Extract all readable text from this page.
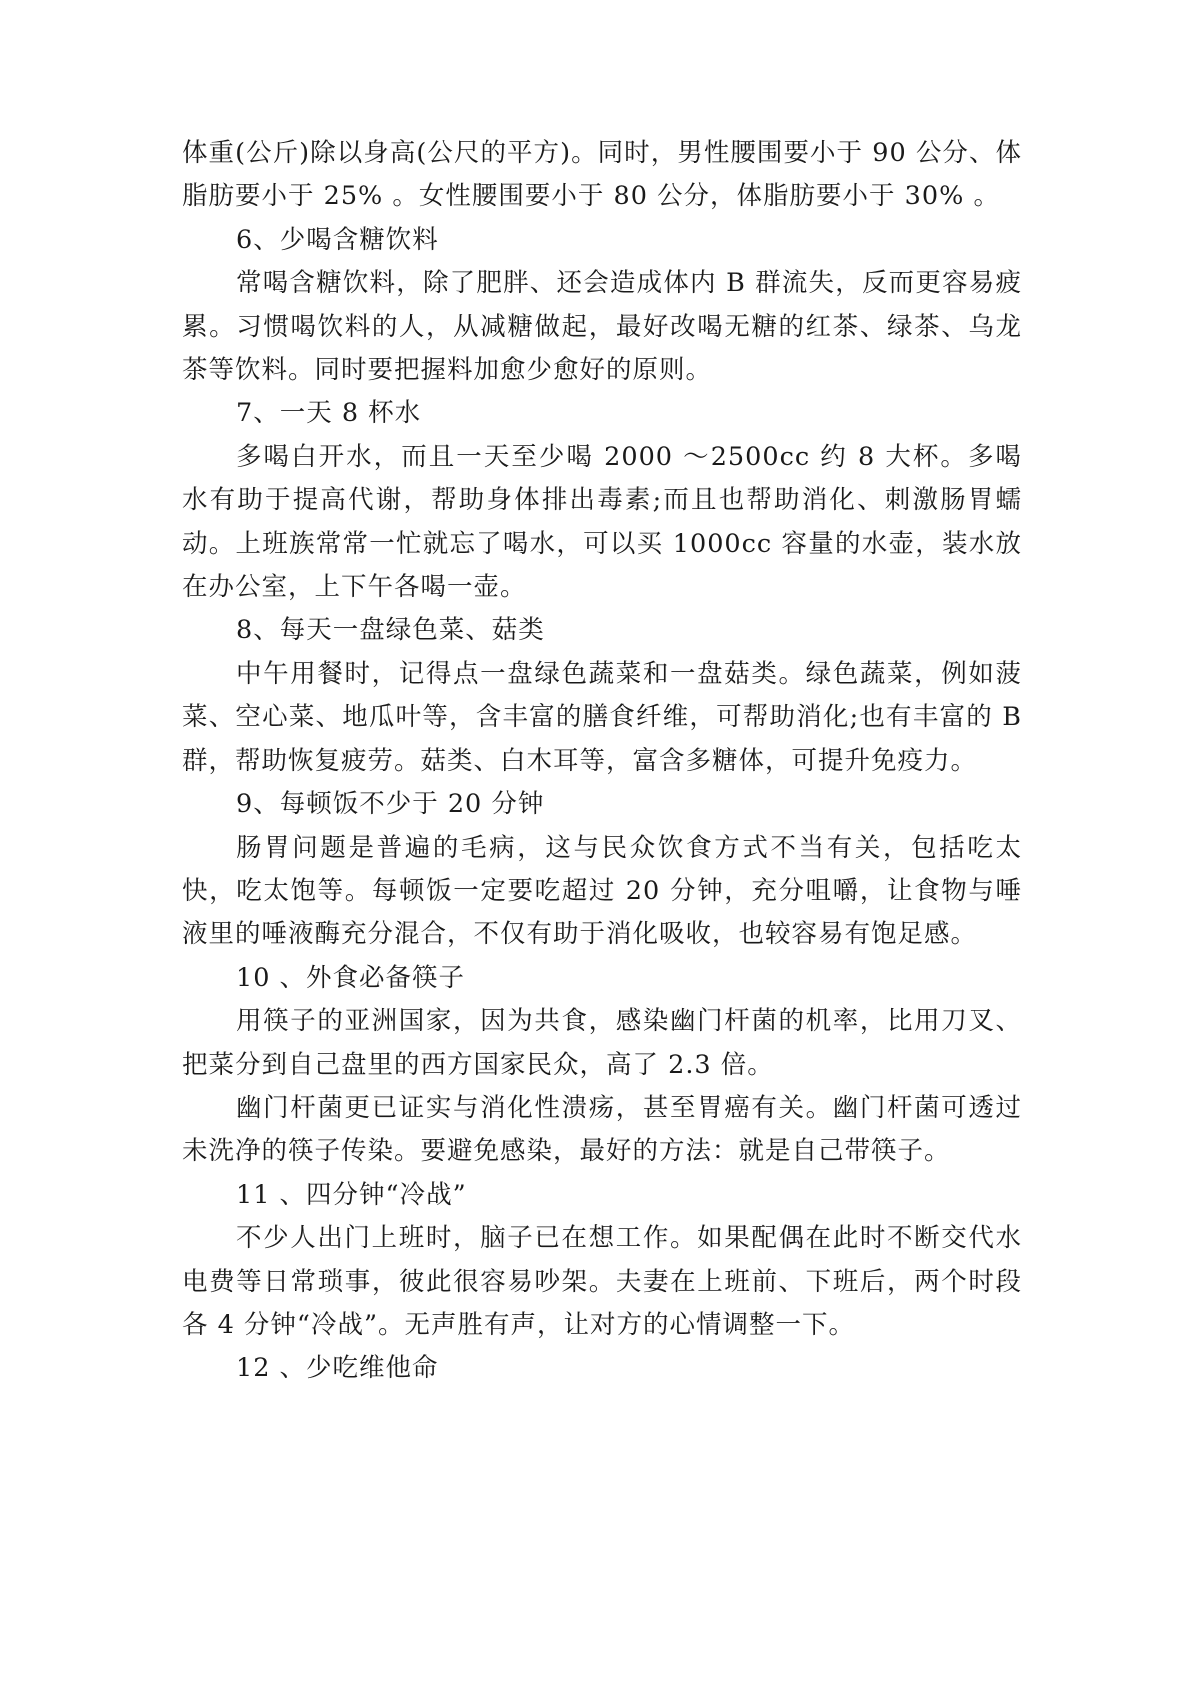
体重(公斤)除以身高(公尺的平方)。同时，男性腰围要小于 90 公分、体脂肪要小于 25% 。女性腰围要小于 80 公分，体脂肪要小于 30% 。

6、少喝含糖饮料

常喝含糖饮料，除了肥胖、还会造成体内 B 群流失，反而更容易疲累。习惯喝饮料的人，从减糖做起，最好改喝无糖的红茶、绿茶、乌龙茶等饮料。同时要把握料加愈少愈好的原则。

7、一天 8 杯水

多喝白开水，而且一天至少喝 2000 ～2500cc 约 8 大杯。多喝水有助于提高代谢，帮助身体排出毒素;而且也帮助消化、刺激肠胃蠕动。上班族常常一忙就忘了喝水，可以买 1000cc 容量的水壶，装水放在办公室，上下午各喝一壶。

8、每天一盘绿色菜、菇类

中午用餐时，记得点一盘绿色蔬菜和一盘菇类。绿色蔬菜，例如菠菜、空心菜、地瓜叶等，含丰富的膳食纤维，可帮助消化;也有丰富的 B 群，帮助恢复疲劳。菇类、白木耳等，富含多糖体，可提升免疫力。

9、每顿饭不少于 20 分钟

肠胃问题是普遍的毛病，这与民众饮食方式不当有关，包括吃太快，吃太饱等。每顿饭一定要吃超过 20 分钟，充分咀嚼，让食物与唾液里的唾液酶充分混合，不仅有助于消化吸收，也较容易有饱足感。

10 、外食必备筷子

用筷子的亚洲国家，因为共食，感染幽门杆菌的机率，比用刀叉、把菜分到自己盘里的西方国家民众，高了 2.3 倍。

幽门杆菌更已证实与消化性溃疡，甚至胃癌有关。幽门杆菌可透过未洗净的筷子传染。要避免感染，最好的方法：就是自己带筷子。

11 、四分钟“冷战”

不少人出门上班时，脑子已在想工作。如果配偶在此时不断交代水电费等日常琐事，彼此很容易吵架。夫妻在上班前、下班后，两个时段各 4 分钟“冷战”。无声胜有声，让对方的心情调整一下。

12 、少吃维他命
